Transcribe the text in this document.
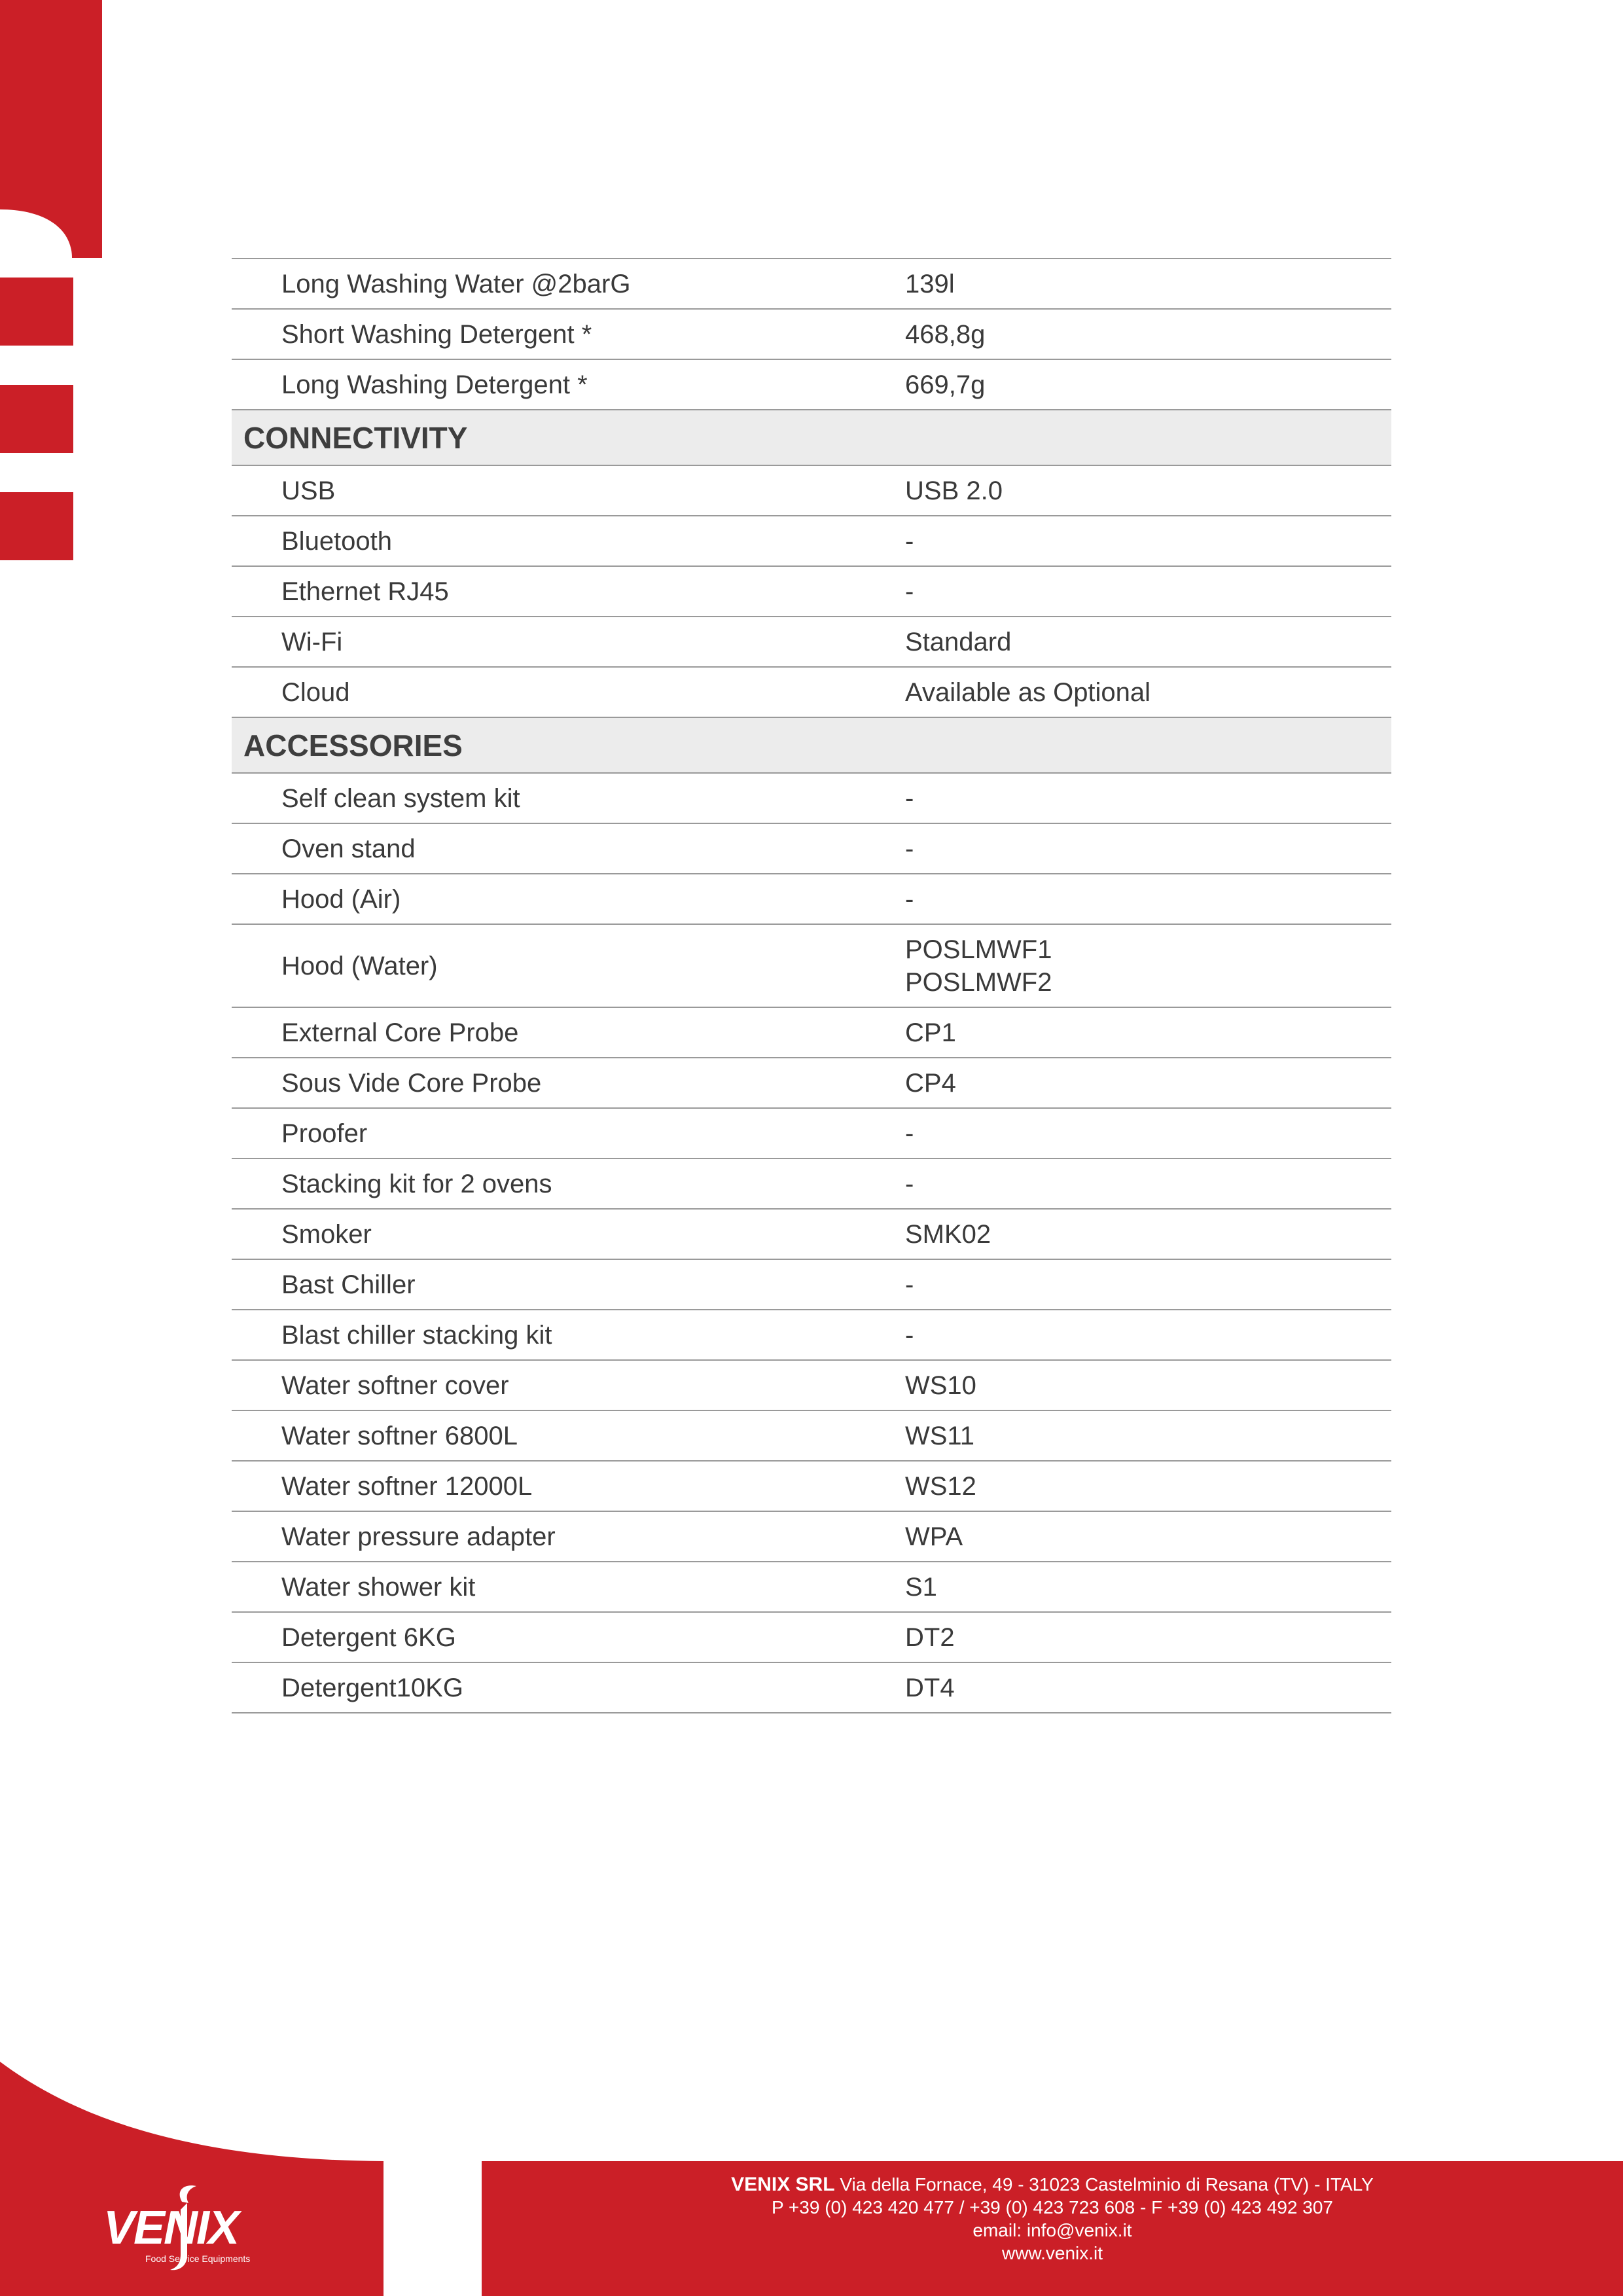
Long Washing Water @2barG	139l
Short Washing Detergent *	468,8g
Long Washing Detergent *	669,7g
CONNECTIVITY	
USB	USB 2.0
Bluetooth	-
Ethernet RJ45	-
Wi-Fi	Standard
Cloud	Available as Optional
ACCESSORIES	
Self clean system kit	-
Oven stand	-
Hood (Air)	-
Hood (Water)	POSLMWF1
POSLMWF2

External Core Probe	CP1
Sous Vide Core Probe	CP4
Proofer	-
Stacking kit for 2 ovens	-
Smoker	SMK02
Bast Chiller	-
Blast chiller stacking kit	-
Water softner cover	WS10
Water softner 6800L	WS11
Water softner 12000L	WS12
Water pressure adapter	WPA
Water shower kit	S1
Detergent 6KG	DT2
Detergent10KG	DT4
VENIX
Food Service Equipments
VENIX SRL Via della Fornace, 49 - 31023 Castelminio di Resana (TV) - ITALY
P +39 (0) 423 420 477 / +39 (0) 423 723 608 - F +39 (0) 423 492 307
email: info@venix.it
www.venix.it
